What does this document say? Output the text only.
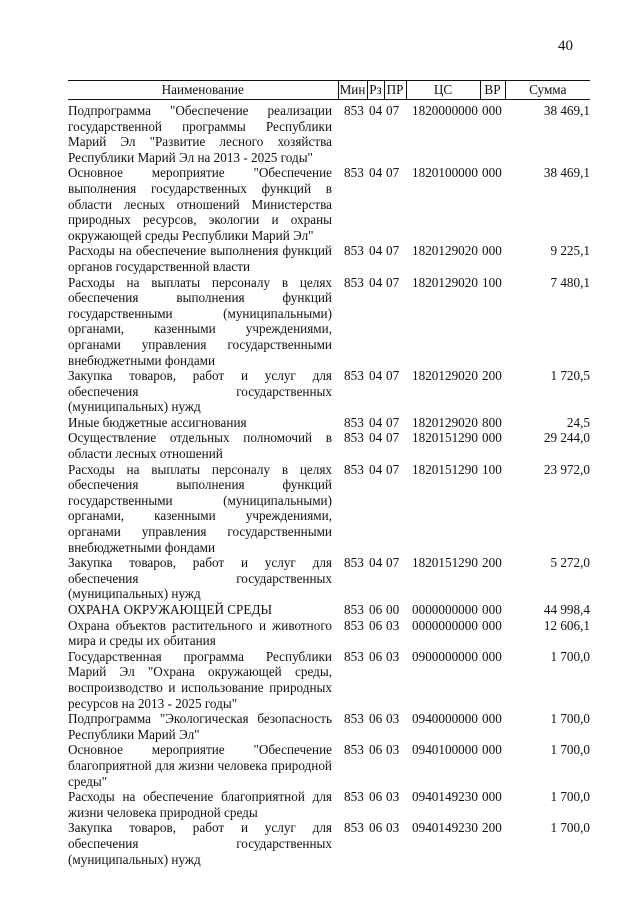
40
Наименование	Мин	Рз	ПР	ЦС	ВР	Сумма
Подпрограмма "Обеспечение реализации государственной программы Республики Марий Эл "Развитие лесного хозяйства Республики Марий Эл на 2013 - 2025 годы"	853	04	07	1820000000	000	38 469,1
Основное мероприятие "Обеспечение выполнения государственных функций в области лесных отношений Министерства природных ресурсов, экологии и охраны окружающей среды Республики Марий Эл"	853	04	07	1820100000	000	38 469,1
Расходы на обеспечение выполнения функций органов государственной власти	853	04	07	1820129020	000	9 225,1
Расходы на выплаты персоналу в целях обеспечения выполнения функций государственными (муниципальными) органами, казенными учреждениями, органами управления государственными внебюджетными фондами	853	04	07	1820129020	100	7 480,1
Закупка товаров, работ и услуг для обеспечения государственных (муниципальных) нужд	853	04	07	1820129020	200	1 720,5
Иные бюджетные ассигнования	853	04	07	1820129020	800	24,5
Осуществление отдельных полномочий в области лесных отношений	853	04	07	1820151290	000	29 244,0
Расходы на выплаты персоналу в целях обеспечения выполнения функций государственными (муниципальными) органами, казенными учреждениями, органами управления государственными внебюджетными фондами	853	04	07	1820151290	100	23 972,0
Закупка товаров, работ и услуг для обеспечения государственных (муниципальных) нужд	853	04	07	1820151290	200	5 272,0
ОХРАНА ОКРУЖАЮЩЕЙ СРЕДЫ	853	06	00	0000000000	000	44 998,4
Охрана объектов растительного и животного мира и среды их обитания	853	06	03	0000000000	000	12 606,1
Государственная программа Республики Марий Эл "Охрана окружающей среды, воспроизводство и использование природных ресурсов на 2013 - 2025 годы"	853	06	03	0900000000	000	1 700,0
Подпрограмма "Экологическая безопасность Республики Марий Эл"	853	06	03	0940000000	000	1 700,0
Основное мероприятие "Обеспечение благоприятной для жизни человека природной среды"	853	06	03	0940100000	000	1 700,0
Расходы на обеспечение благоприятной для жизни человека природной среды	853	06	03	0940149230	000	1 700,0
Закупка товаров, работ и услуг для обеспечения государственных (муниципальных) нужд	853	06	03	0940149230	200	1 700,0
